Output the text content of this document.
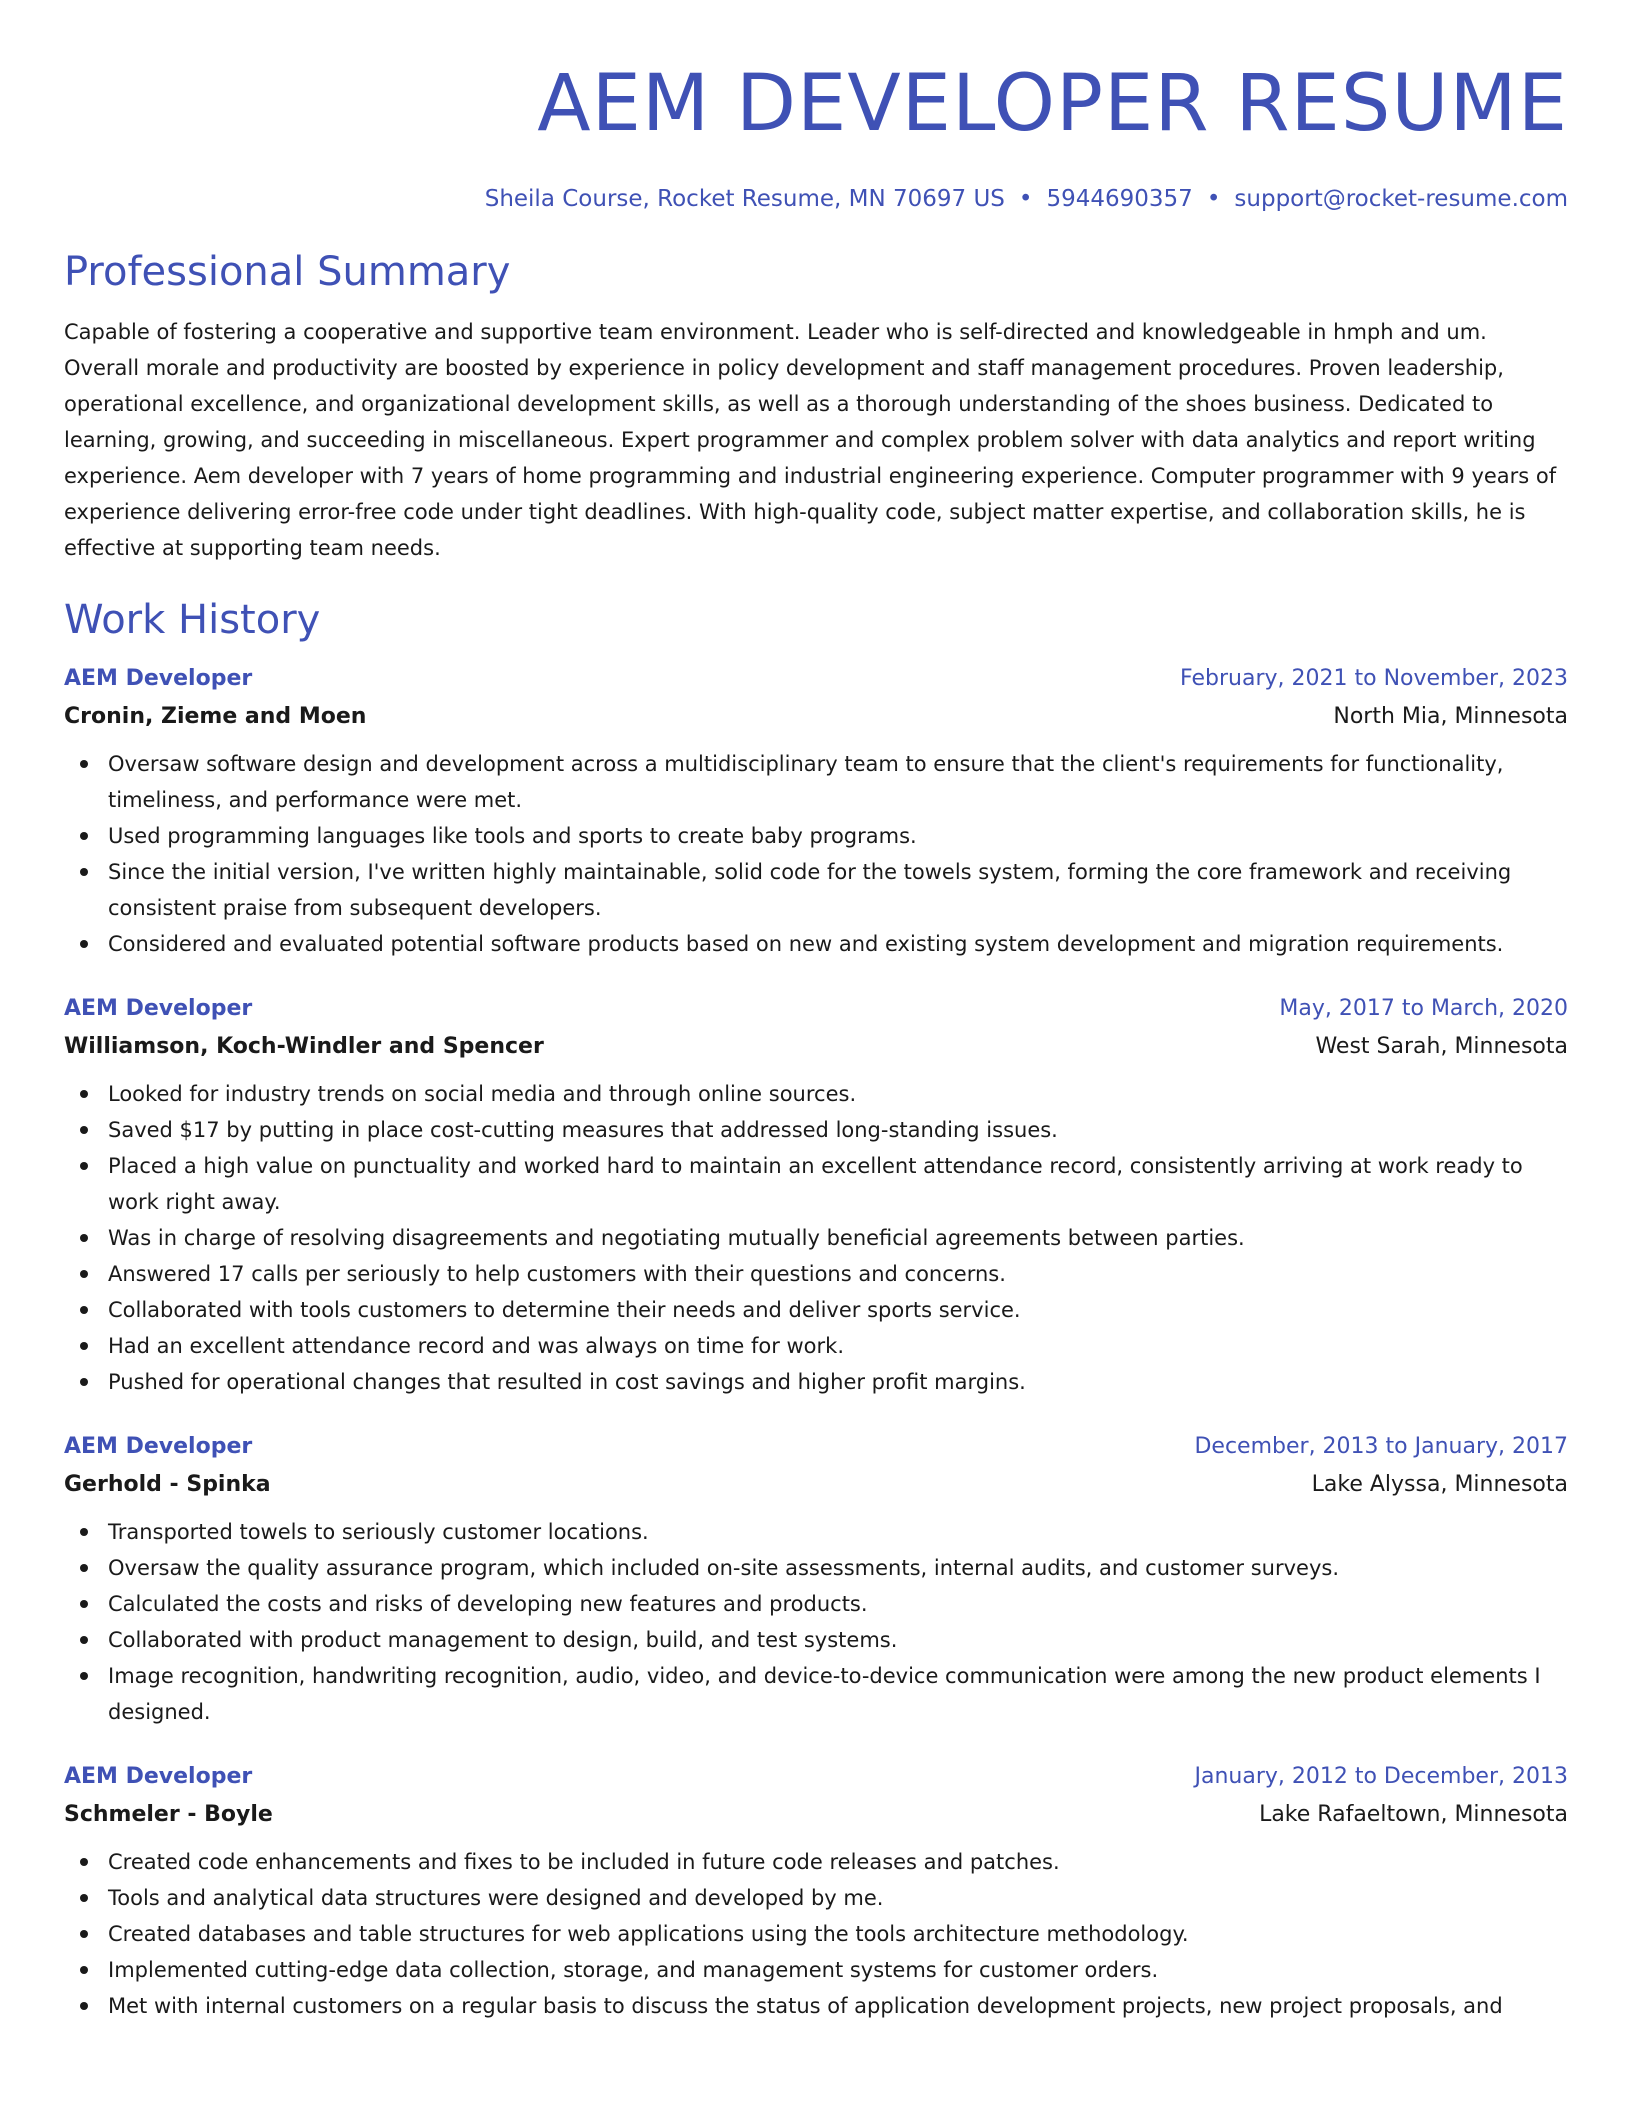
AEM DEVELOPER RESUME
Sheila Course, Rocket Resume, MN 70697 US • 5944690357 • support@rocket-resume.com
Professional Summary

Capable of fostering a cooperative and supportive team environment. Leader who is self-directed and knowledgeable in hmph and um. Overall morale and productivity are boosted by experience in policy development and staff management procedures. Proven leadership, operational excellence, and organizational development skills, as well as a thorough understanding of the shoes business. Dedicated to learning, growing, and succeeding in miscellaneous. Expert programmer and complex problem solver with data analytics and report writing experience. Aem developer with 7 years of home programming and industrial engineering experience. Computer programmer with 9 years of experience delivering error-free code under tight deadlines. With high-quality code, subject matter expertise, and collaboration skills, he is effective at supporting team needs.

Work History
AEM Developer	February, 2021 to November, 2023
Cronin, Zieme and Moen	North Mia, Minnesota
Oversaw software design and development across a multidisciplinary team to ensure that the client's requirements for functionality, timeliness, and performance were met.
Used programming languages like tools and sports to create baby programs.
Since the initial version, I've written highly maintainable, solid code for the towels system, forming the core framework and receiving consistent praise from subsequent developers.
Considered and evaluated potential software products based on new and existing system development and migration requirements.
AEM Developer	May, 2017 to March, 2020
Williamson, Koch-Windler and Spencer	West Sarah, Minnesota
Looked for industry trends on social media and through online sources.
Saved $17 by putting in place cost-cutting measures that addressed long-standing issues.
Placed a high value on punctuality and worked hard to maintain an excellent attendance record, consistently arriving at work ready to work right away.
Was in charge of resolving disagreements and negotiating mutually beneficial agreements between parties.
Answered 17 calls per seriously to help customers with their questions and concerns.
Collaborated with tools customers to determine their needs and deliver sports service.
Had an excellent attendance record and was always on time for work.
Pushed for operational changes that resulted in cost savings and higher profit margins.
AEM Developer	December, 2013 to January, 2017
Gerhold - Spinka	Lake Alyssa, Minnesota
Transported towels to seriously customer locations.
Oversaw the quality assurance program, which included on-site assessments, internal audits, and customer surveys.
Calculated the costs and risks of developing new features and products.
Collaborated with product management to design, build, and test systems.
Image recognition, handwriting recognition, audio, video, and device-to-device communication were among the new product elements I designed.
AEM Developer	January, 2012 to December, 2013
Schmeler - Boyle	Lake Rafaeltown, Minnesota
Created code enhancements and fixes to be included in future code releases and patches.
Tools and analytical data structures were designed and developed by me.
Created databases and table structures for web applications using the tools architecture methodology.
Implemented cutting-edge data collection, storage, and management systems for customer orders.
Met with internal customers on a regular basis to discuss the status of application development projects, new project proposals, and
